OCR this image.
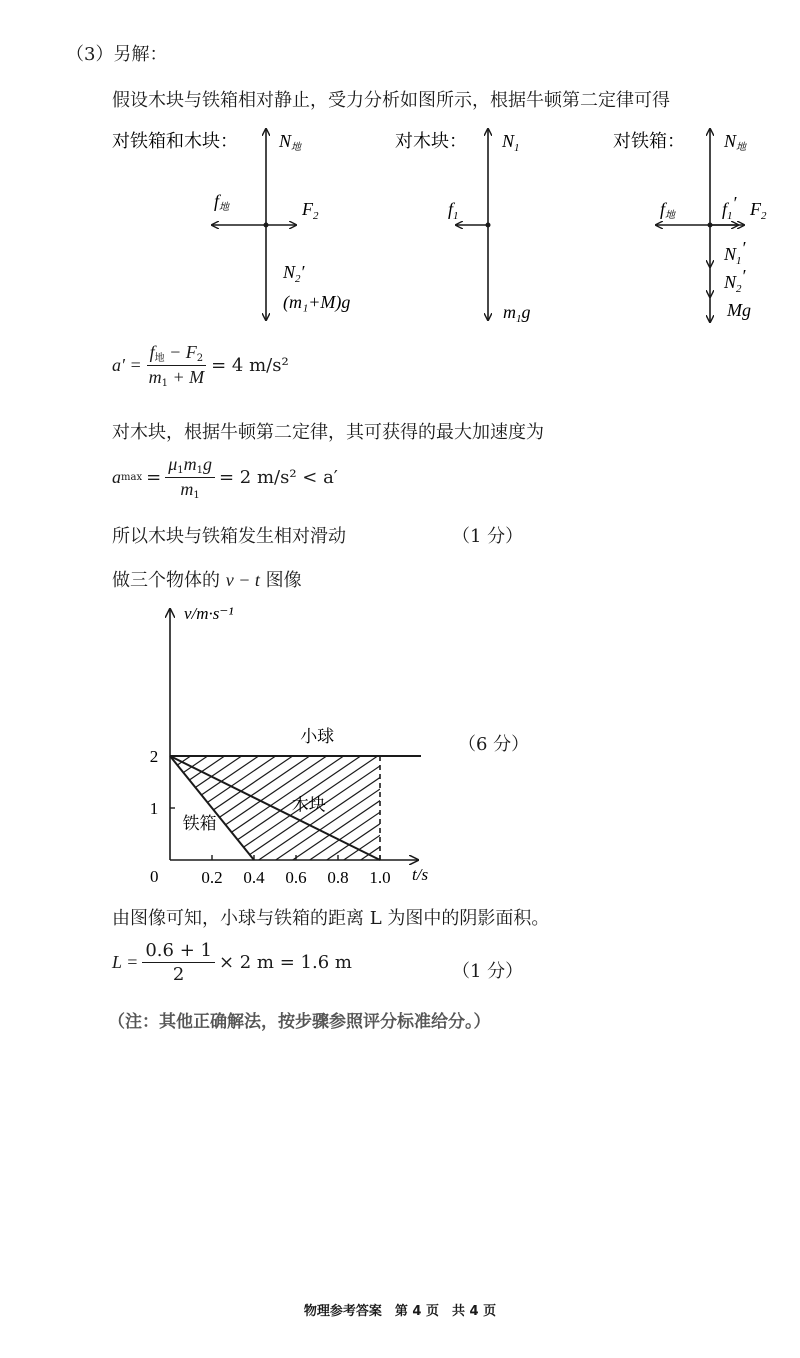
（3）另解：
假设木块与铁箱相对静止，受力分析如图所示，根据牛顿第二定律可得
对铁箱和木块： N地
f地	$F_2$
$N_2'$
(m₁+M)g
对木块： $N_1$
$f_1$
$m_1g$
对铁箱： N地
f地	$f_1'$ $F_2$
$N_1'$
$N_2'$
Mg
$a' = \frac{f_地 - F_2}{m_1 + M} = 4$ m/s²
对木块，根据牛顿第二定律，其可获得的最大加速度为
a $\max = \frac{\mu_1m_1g}{m_1} = 2$ m/s² < a′
所以木块与铁箱发生相对滑动	（1 分）
做三个物体的 v − t 图像
0.2 0.4 0.6 0.8 1.0
1
2
v/m·s⁻¹
t/s
0
小球
木块
铁箱
（6 分）
由图像可知，小球与铁箱的距离 L 为图中的阴影面积。
$L = \frac{0.6 + 1}{2} \times 2$ m = 1.6 m	（1 分）
（注：其他正确解法，按步骤参照评分标准给分。）
物理参考答案　第 4 页　共 4 页
